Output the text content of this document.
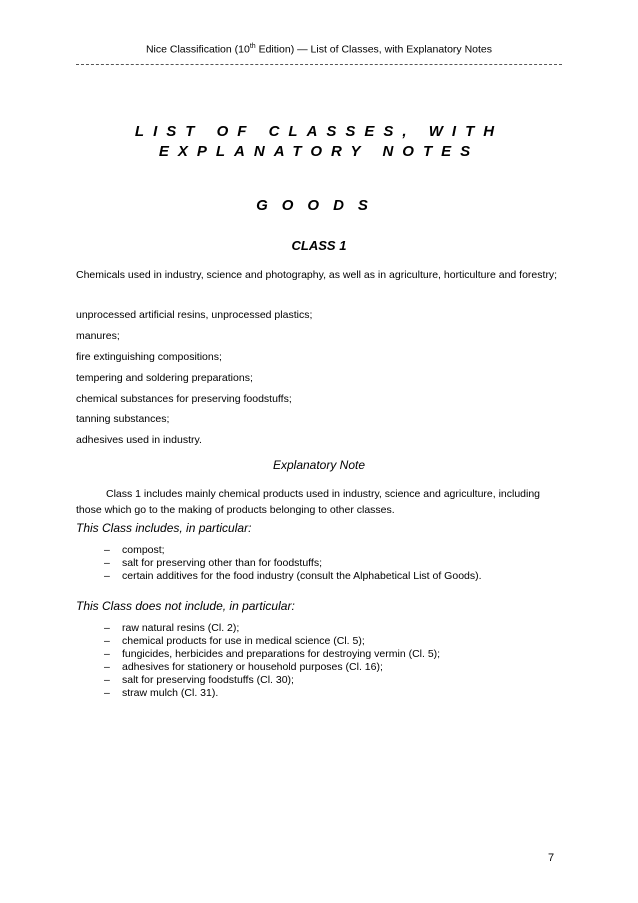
Nice Classification (10th Edition) — List of Classes, with Explanatory Notes
LIST OF CLASSES, WITH
EXPLANATORY NOTES
GOODS
CLASS 1
Chemicals used in industry, science and photography, as well as in agriculture, horticulture and forestry;
unprocessed artificial resins, unprocessed plastics;
manures;
fire extinguishing compositions;
tempering and soldering preparations;
chemical substances for preserving foodstuffs;
tanning substances;
adhesives used in industry.
Explanatory Note
Class 1 includes mainly chemical products used in industry, science and agriculture, including those which go to the making of products belonging to other classes.
This Class includes, in particular:
– compost;
– salt for preserving other than for foodstuffs;
– certain additives for the food industry (consult the Alphabetical List of Goods).
This Class does not include, in particular:
– raw natural resins (Cl. 2);
– chemical products for use in medical science (Cl. 5);
– fungicides, herbicides and preparations for destroying vermin (Cl. 5);
– adhesives for stationery or household purposes (Cl. 16);
– salt for preserving foodstuffs (Cl. 30);
– straw mulch (Cl. 31).
7
